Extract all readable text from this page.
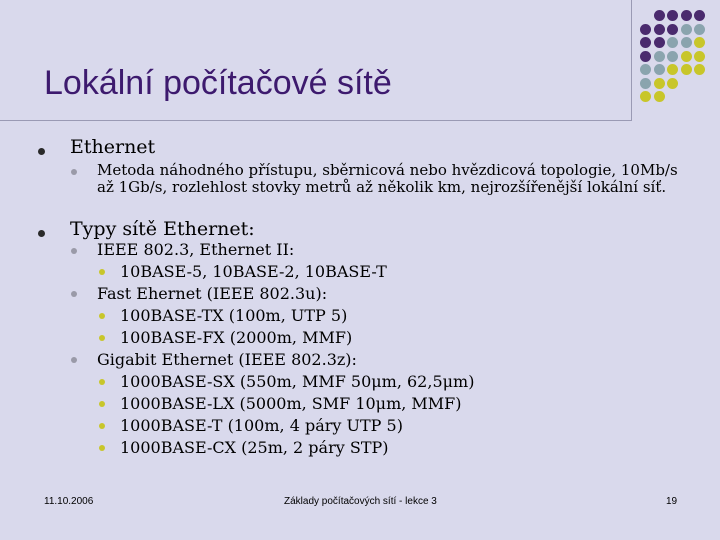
Lokální počítačové sítě
Ethernet
Metoda náhodného přístupu, sběrnicová nebo hvězdicová topologie, 10Mb/s až 1Gb/s, rozlehlost stovky metrů až několik km, nejrozšířenější lokální síť.
Typy sítě Ethernet:
IEEE 802.3, Ethernet II:
10BASE-5, 10BASE-2, 10BASE-T
Fast Ehernet (IEEE 802.3u):
100BASE-TX (100m, UTP 5)
100BASE-FX (2000m, MMF)
Gigabit Ethernet (IEEE 802.3z):
1000BASE-SX (550m, MMF 50μm, 62,5μm)
1000BASE-LX (5000m, SMF 10μm, MMF)
1000BASE-T (100m, 4 páry UTP 5)
1000BASE-CX (25m, 2 páry STP)
11.10.2006	Základy počítačových sítí - lekce 3	19
